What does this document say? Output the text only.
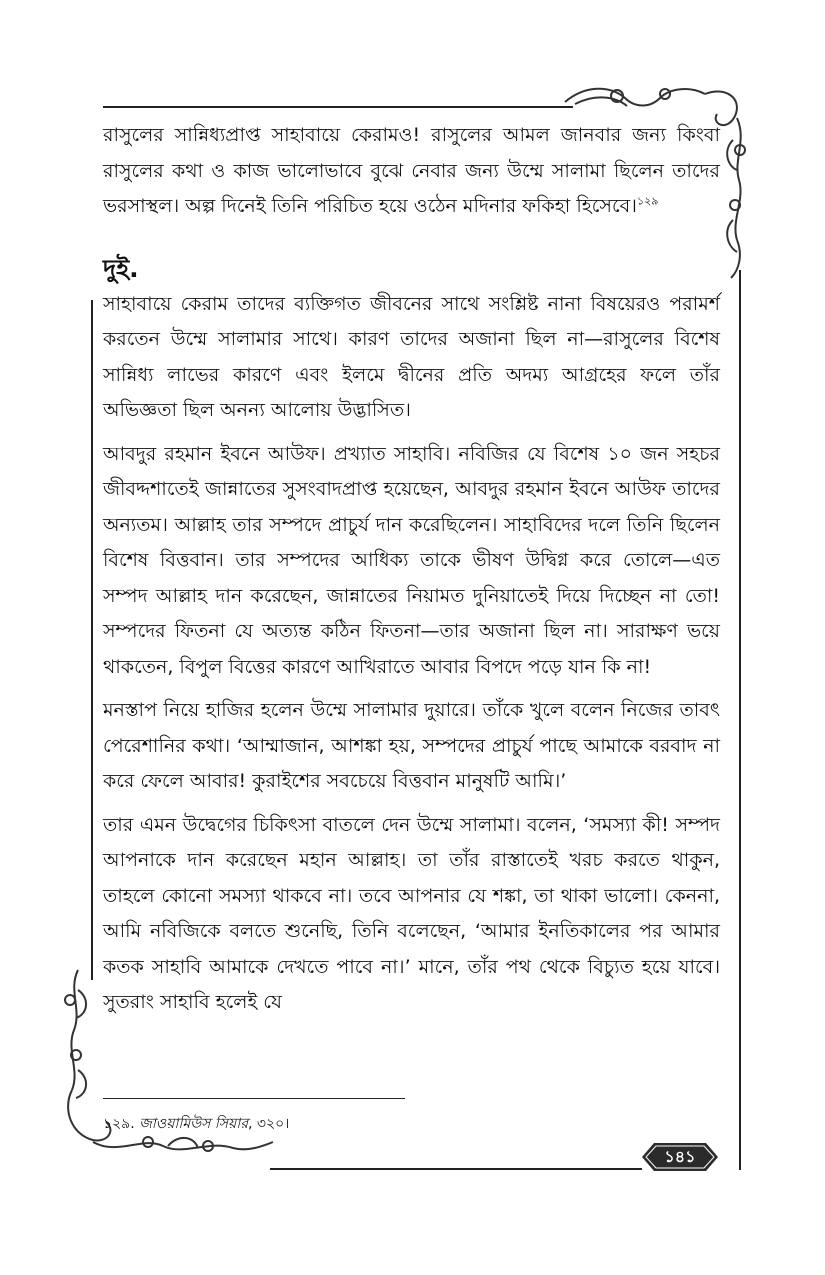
রাসুলের সান্নিধ্যপ্রাপ্ত সাহাবায়ে কেরামও! রাসুলের আমল জানবার জন্য কিংবা রাসুলের কথা ও কাজ ভালোভাবে বুঝে নেবার জন্য উম্মে সালামা ছিলেন তাদের ভরসাস্থল। অল্প দিনেই তিনি পরিচিত হয়ে ওঠেন মদিনার ফকিহা হিসেবে।$^{১২৯}$

দুই.

সাহাবায়ে কেরাম তাদের ব্যক্তিগত জীবনের সাথে সংশ্লিষ্ট নানা বিষয়েরও পরামর্শ করতেন উম্মে সালামার সাথে। কারণ তাদের অজানা ছিল না—রাসুলের বিশেষ সান্নিধ্য লাভের কারণে এবং ইলমে দ্বীনের প্রতি অদম্য আগ্রহের ফলে তাঁর অভিজ্ঞতা ছিল অনন্য আলোয় উদ্ভাসিত।

আবদুর রহমান ইবনে আউফ। প্রখ্যাত সাহাবি। নবিজির যে বিশেষ ১০ জন সহচর জীবদ্দশাতেই জান্নাতের সুসংবাদপ্রাপ্ত হয়েছেন, আবদুর রহমান ইবনে আউফ তাদের অন্যতম। আল্লাহ তার সম্পদে প্রাচুর্য দান করেছিলেন। সাহাবিদের দলে তিনি ছিলেন বিশেষ বিত্তবান। তার সম্পদের আধিক্য তাকে ভীষণ উদ্বিগ্ন করে তোলে—এত সম্পদ আল্লাহ দান করেছেন, জান্নাতের নিয়ামত দুনিয়াতেই দিয়ে দিচ্ছেন না তো! সম্পদের ফিতনা যে অত্যন্ত কঠিন ফিতনা—তার অজানা ছিল না। সারাক্ষণ ভয়ে থাকতেন, বিপুল বিত্তের কারণে আখিরাতে আবার বিপদে পড়ে যান কি না!

মনস্তাপ নিয়ে হাজির হলেন উম্মে সালামার দুয়ারে। তাঁকে খুলে বলেন নিজের তাবৎ পেরেশানির কথা। ‘আম্মাজান, আশঙ্কা হয়, সম্পদের প্রাচুর্য পাছে আমাকে বরবাদ না করে ফেলে আবার! কুরাইশের সবচেয়ে বিত্তবান মানুষটি আমি।’

তার এমন উদ্বেগের চিকিৎসা বাতলে দেন উম্মে সালামা। বলেন, ‘সমস্যা কী! সম্পদ আপনাকে দান করেছেন মহান আল্লাহ। তা তাঁর রাস্তাতেই খরচ করতে থাকুন, তাহলে কোনো সমস্যা থাকবে না। তবে আপনার যে শঙ্কা, তা থাকা ভালো। কেননা, আমি নবিজিকে বলতে শুনেছি, তিনি বলেছেন, ‘আমার ইনতিকালের পর আমার কতক সাহাবি আমাকে দেখতে পাবে না।’ মানে, তাঁর পথ থেকে বিচ্যুত হয়ে যাবে। সুতরাং সাহাবি হলেই যে

১২৯. জাওয়ামিউস সিয়ার, ৩২০।
১৪১
